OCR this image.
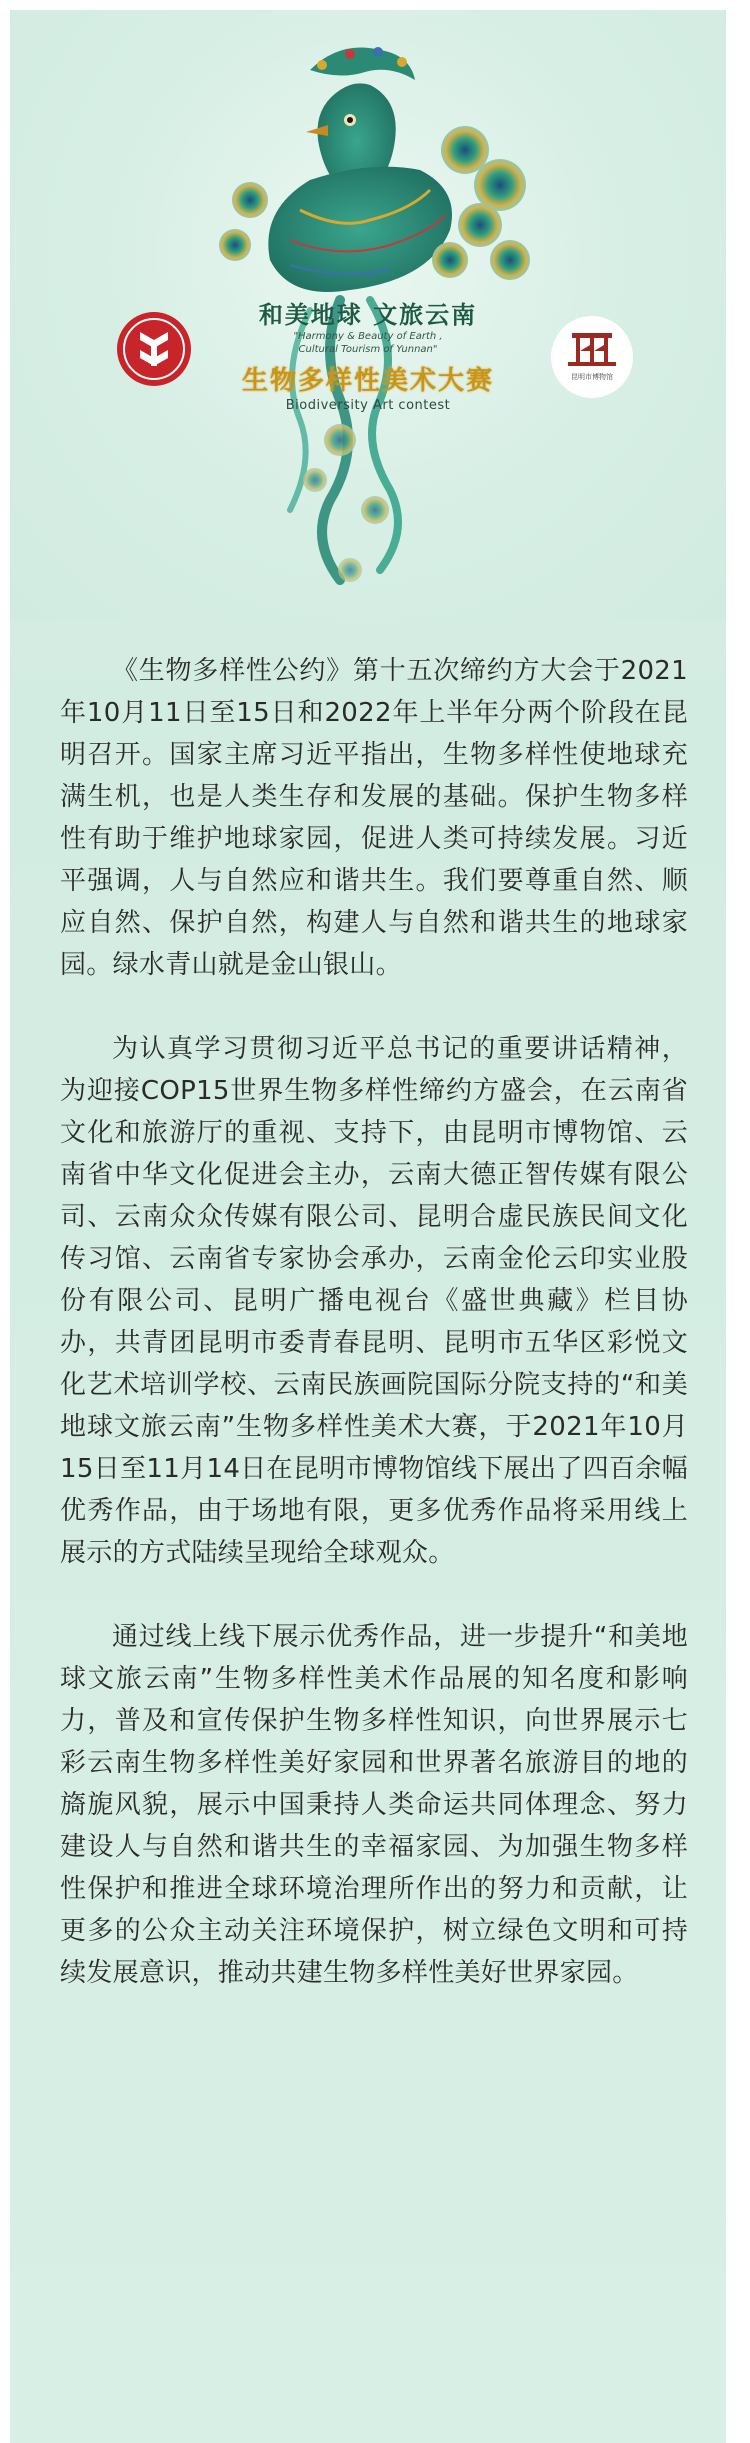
昆明市博物馆
和美地球 文旅云南
"Harmony & Beauty of Earth ,
Cultural Tourism of Yunnan"
生物多样性美术大赛
Biodiversity Art contest

《生物多样性公约》第十五次缔约方大会于2021年10月11日至15日和2022年上半年分两个阶段在昆明召开。国家主席习近平指出，生物多样性使地球充满生机，也是人类生存和发展的基础。保护生物多样性有助于维护地球家园，促进人类可持续发展。习近平强调，人与自然应和谐共生。我们要尊重自然、顺应自然、保护自然，构建人与自然和谐共生的地球家园。绿水青山就是金山银山。

为认真学习贯彻习近平总书记的重要讲话精神，为迎接COP15世界生物多样性缔约方盛会，在云南省文化和旅游厅的重视、支持下，由昆明市博物馆、云南省中华文化促进会主办，云南大德正智传媒有限公司、云南众众传媒有限公司、昆明合虚民族民间文化传习馆、云南省专家协会承办，云南金伦云印实业股份有限公司、昆明广播电视台《盛世典藏》栏目协办，共青团昆明市委青春昆明、昆明市五华区彩悦文化艺术培训学校、云南民族画院国际分院支持的“和美地球文旅云南”生物多样性美术大赛，于2021年10月15日至11月14日在昆明市博物馆线下展出了四百余幅优秀作品，由于场地有限，更多优秀作品将采用线上展示的方式陆续呈现给全球观众。

通过线上线下展示优秀作品，进一步提升“和美地球文旅云南”生物多样性美术作品展的知名度和影响力，普及和宣传保护生物多样性知识，向世界展示七彩云南生物多样性美好家园和世界著名旅游目的地的旖旎风貌，展示中国秉持人类命运共同体理念、努力建设人与自然和谐共生的幸福家园、为加强生物多样性保护和推进全球环境治理所作出的努力和贡献，让更多的公众主动关注环境保护，树立绿色文明和可持续发展意识，推动共建生物多样性美好世界家园。
